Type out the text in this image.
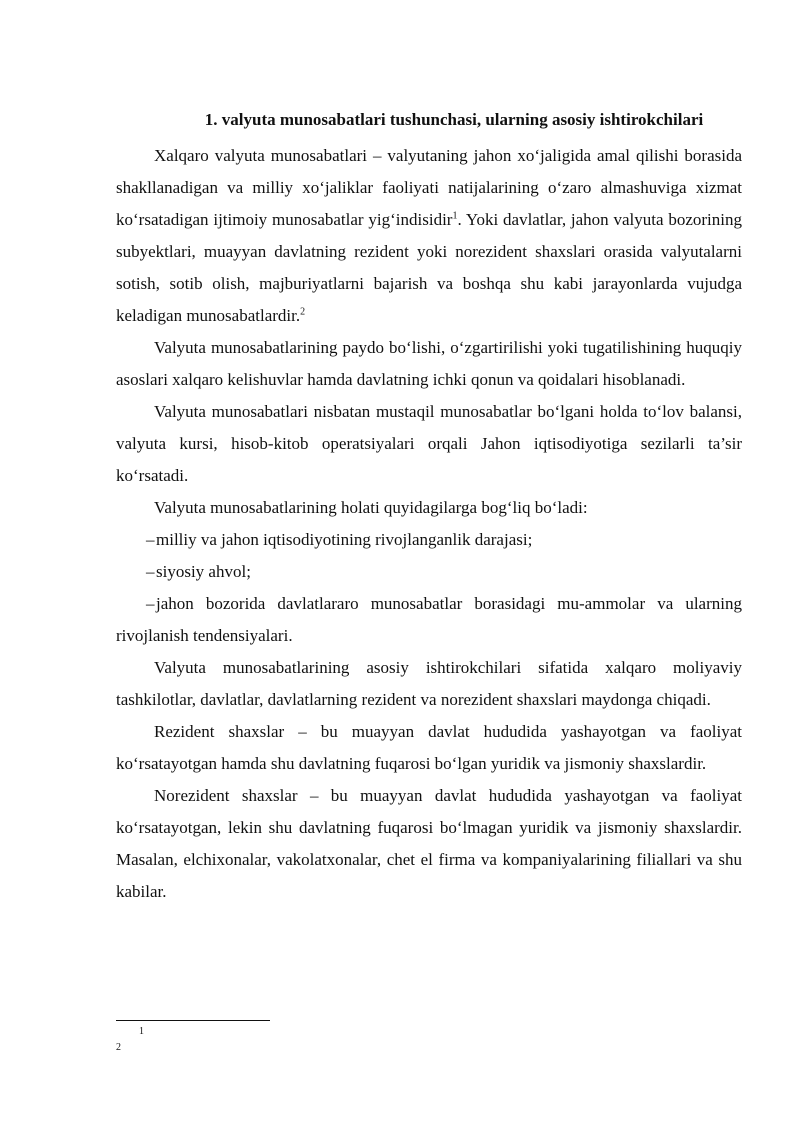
1. valyuta munosabatlari tushunchasi, ularning asosiy ishtirokchilari

Xalqaro valyuta munosabatlari – valyutaning jahon xo‘jaligida amal qilishi borasida shakllanadigan va milliy xo‘jaliklar faoliyati natijalarining o‘zaro almashuviga xizmat ko‘rsatadigan ijtimoiy munosabatlar yig‘indisidir$^1$. Yoki davlatlar, jahon valyuta bozorining subyektlari, muayyan davlatning rezident yoki norezident shaxslari orasida valyutalarni sotish, sotib olish, majburiyatlarni bajarish va boshqa shu kabi jarayonlarda vujudga keladigan munosabatlardir.$^2$

Valyuta munosabatlarining paydo bo‘lishi, o‘zgartirilishi yoki tugatilishining huquqiy asoslari xalqaro kelishuvlar hamda davlatning ichki qonun va qoidalari hisoblanadi.

Valyuta munosabatlari nisbatan mustaqil munosabatlar bo‘lgani holda to‘lov balansi, valyuta kursi, hisob-kitob operatsiyalari orqali Jahon iqtisodiyotiga sezilarli ta’sir ko‘rsatadi.

Valyuta munosabatlarining holati quyidagilarga bog‘liq bo‘ladi:

–milliy va jahon iqtisodiyotining rivojlanganlik darajasi;

–siyosiy ahvol;

–jahon bozorida davlatlararo munosabatlar borasidagi mu-ammolar va ularning rivojlanish tendensiyalari.

Valyuta munosabatlarining asosiy ishtirokchilari sifatida xalqaro moliyaviy tashkilotlar, davlatlar, davlatlarning rezident va norezident shaxslari maydonga chiqadi.

Rezident shaxslar – bu muayyan davlat hududida yashayotgan va faoliyat ko‘rsatayotgan hamda shu davlatning fuqarosi bo‘lgan yuridik va jismoniy shaxslardir.

Norezident shaxslar – bu muayyan davlat hududida yashayotgan va faoliyat ko‘rsatayotgan, lekin shu davlatning fuqarosi bo‘lmagan yuridik va jismoniy shaxslardir. Masalan, elchixonalar, vakolatxonalar, chet el firma va kompaniyalarining filiallari va shu kabilar.

1
2
